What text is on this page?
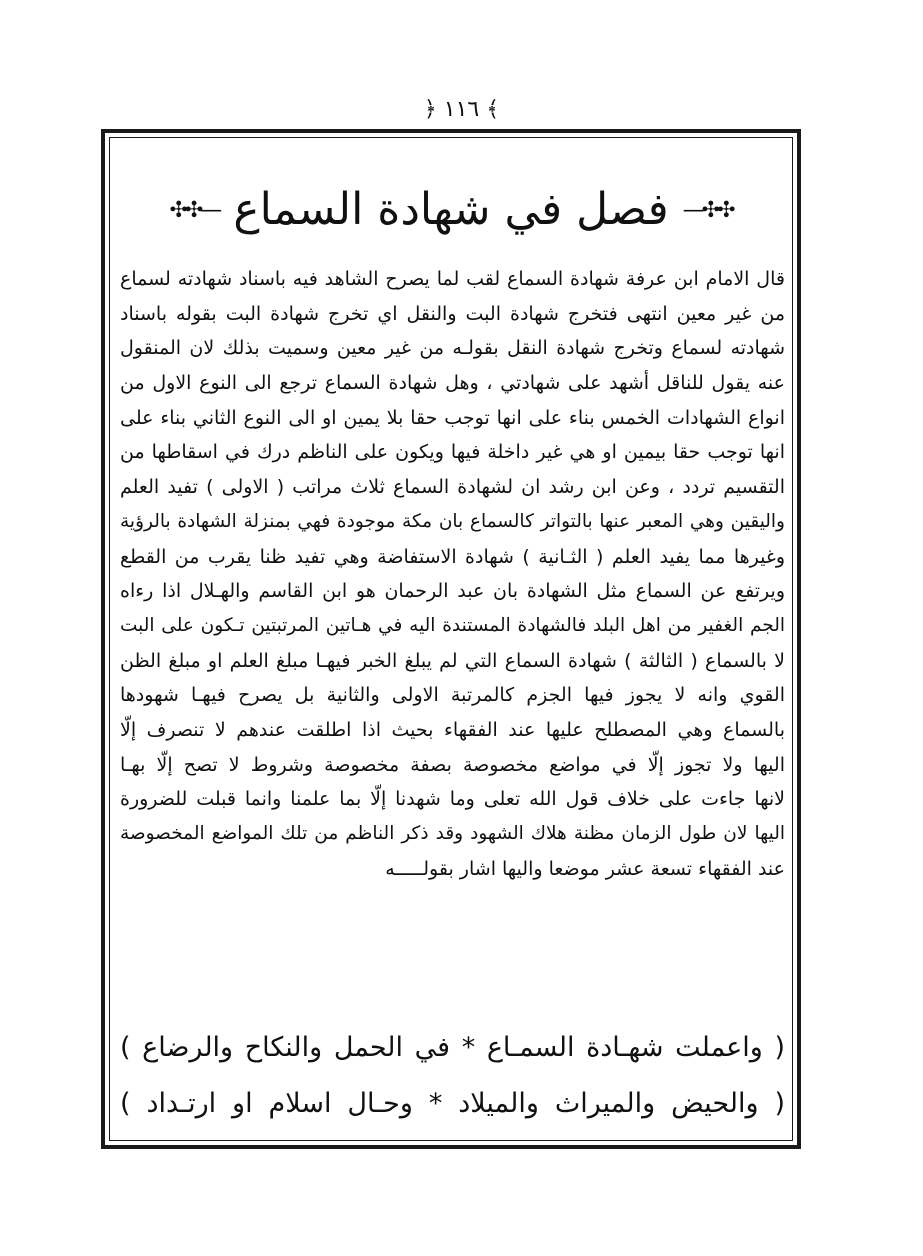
﴿ ١١٦ ﴾
✣✣— فصل في شهادة السماع —✣✣
قال الامام ابن عرفة شهادة السماع لقب لما يصرح الشاهد فيه باسناد شهادته لسماع
من غير معين انتهى فتخرج شهادة البت والنقل اي تخرج شهادة البت بقوله باسناد
شهادته لسماع وتخرج شهادة النقل بقولـه من غير معين وسميت بذلك لان المنقول
عنه يقول للناقل أشهد على شهادتي ، وهل شهادة السماع ترجع الى النوع الاول من
انواع الشهادات الخمس بناء على انها توجب حقا بلا يمين او الى النوع الثاني بناء على
انها توجب حقا بيمين او هي غير داخلة فيها ويكون على الناظم درك في اسقاطها من
التقسيم تردد ، وعن ابن رشد ان لشهادة السماع ثلاث مراتب ( الاولى ) تفيد العلم
واليقين وهي المعبر عنها بالتواتر كالسماع بان مكة موجودة فهي بمنزلة الشهادة بالرؤية
وغيرها مما يفيد العلم ( الثـانية ) شهادة الاستفاضة وهي تفيد ظنا يقرب من القطع
ويرتفع عن السماع مثل الشهادة بان عبد الرحمان هو ابن القاسم والهـلال اذا رءاه
الجم الغفير من اهل البلد فالشهادة المستندة اليه في هـاتين المرتبتين تـكون على البت
لا بالسماع ( الثالثة ) شهادة السماع التي لم يبلغ الخبر فيهـا مبلغ العلم او مبلغ الظن
القوي وانه لا يجوز فيها الجزم كالمرتبة الاولى والثانية بل يصرح فيهـا شهودها
بالسماع وهي المصطلح عليها عند الفقهاء بحيث اذا اطلقت عندهم لا تنصرف إلّا
اليها ولا تجوز إلّا في مواضع مخصوصة بصفة مخصوصة وشروط لا تصح إلّا بهـا
لانها جاءت على خلاف قول الله تعلى وما شهدنا إلّا بما علمنا وانما قبلت للضرورة
اليها لان طول الزمان مظنة هلاك الشهود وقد ذكر الناظم من تلك المواضع المخصوصة
عند الفقهاء تسعة عشر موضعا واليها اشار بقولـــــه
( واعملت شهـادة السمـاع * في الحمل والنكاح والرضاع )
( والحيض والميراث والميلاد * وحـال اسلام او ارتـداد )
